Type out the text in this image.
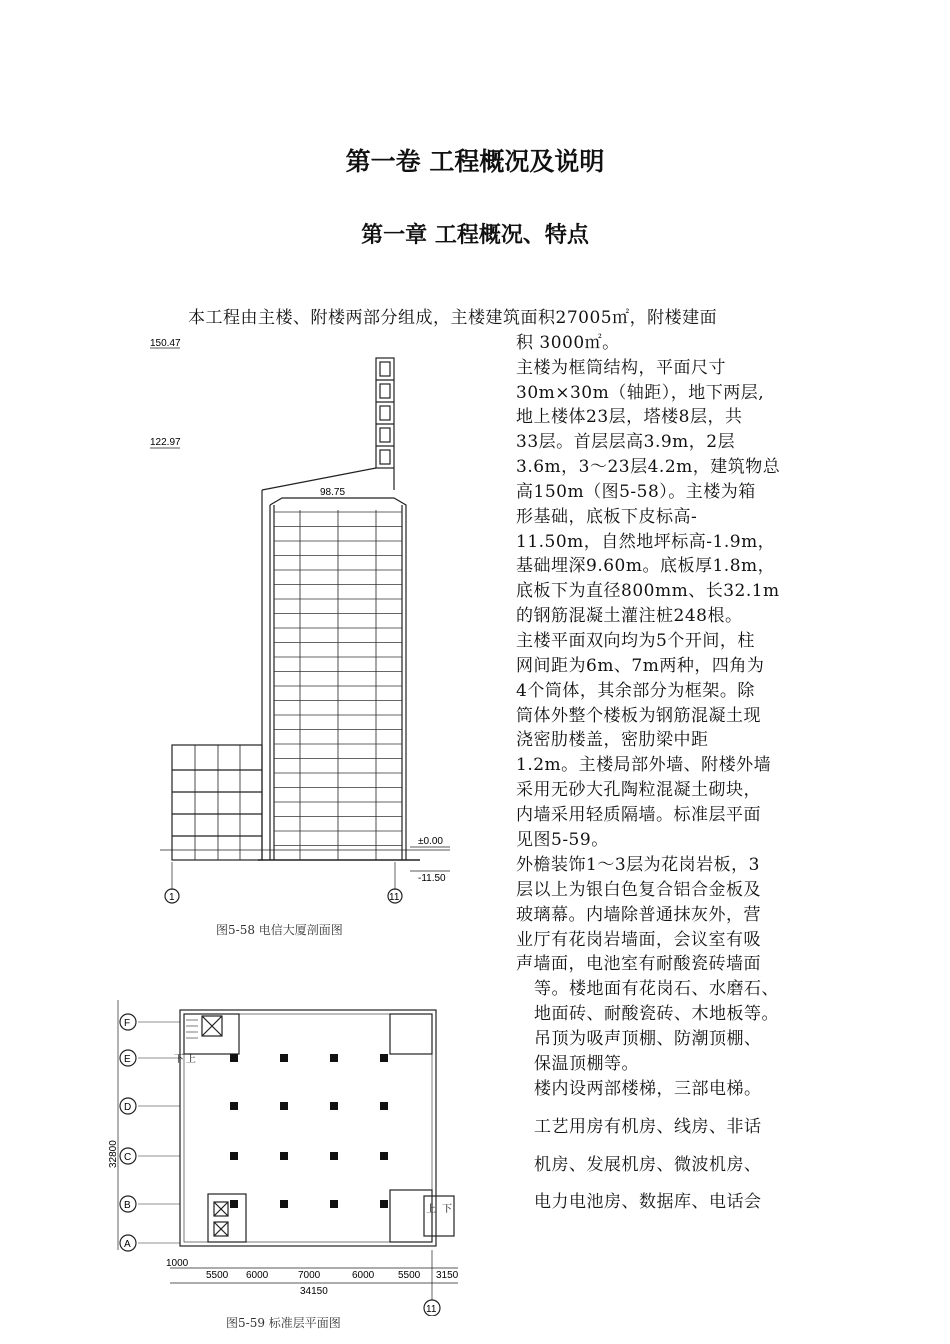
第一卷 工程概况及说明
第一章 工程概况、特点
本工程由主楼、附楼两部分组成，主楼建筑面积27005㎡，附楼建面
积 3000㎡。
主楼为框筒结构，平面尺寸
30m×30m（轴距），地下两层,
地上楼体23层，塔楼8层，共
33层。首层层高3.9m，2层
3.6m，3～23层4.2m，建筑物总
高150m（图5-58）。主楼为箱
形基础，底板下皮标高-
11.50m，自然地坪标高-1.9m，
基础埋深9.60m。底板厚1.8m，
底板下为直径800mm、长32.1m
的钢筋混凝土灌注桩248根。
主楼平面双向均为5个开间，柱
网间距为6m、7m两种，四角为
4个筒体，其余部分为框架。除
筒体外整个楼板为钢筋混凝土现
浇密肋楼盖，密肋梁中距
1.2m。主楼局部外墙、附楼外墙
采用无砂大孔陶粒混凝土砌块，
内墙采用轻质隔墙。标准层平面
见图5-59。
外檐装饰1～3层为花岗岩板，3
层以上为银白色复合铝合金板及
玻璃幕。内墙除普通抹灰外，营
业厅有花岗岩墙面，会议室有吸
声墙面，电池室有耐酸瓷砖墙面
等。楼地面有花岗石、水磨石、
地面砖、耐酸瓷砖、木地板等。
吊顶为吸声顶棚、防潮顶棚、
保温顶棚等。
楼内设两部楼梯，三部电梯。
工艺用房有机房、线房、非话
机房、发展机房、微波机房、
电力电池房、数据库、电话会
150.47
122.97
98.75
±0.00
-11.50
1	11
图5-58 电信大厦剖面图
F
E
D
C
B
A
32800
1000
5500 6000	7000	6000 5500 3150
34150
11
下 上
上 下
图5-59 标准层平面图
